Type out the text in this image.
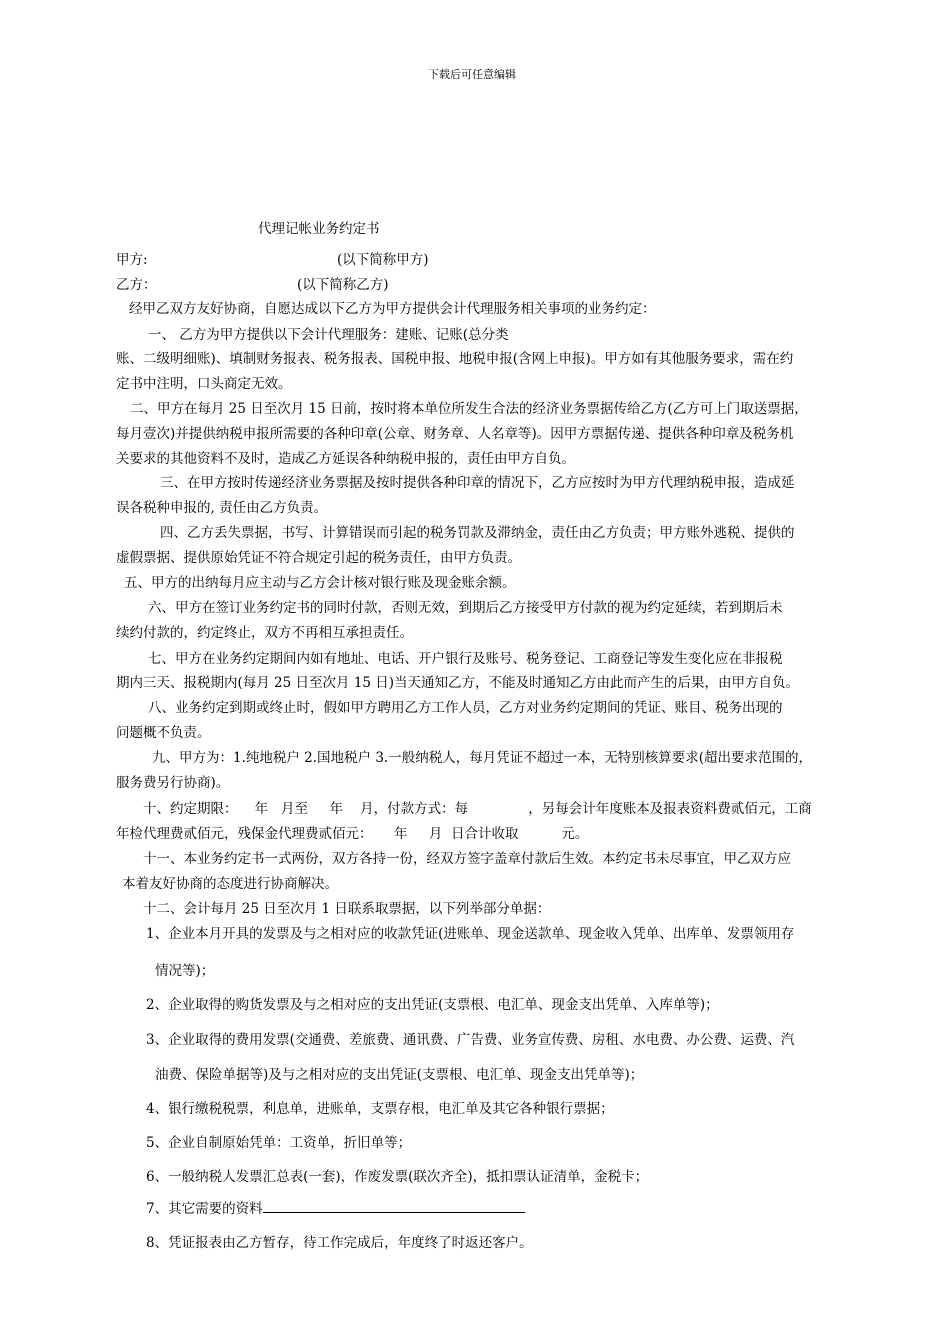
下载后可任意编辑
代理记帐业务约定书
甲方:	(以下简称甲方)
乙方：	(以下简称乙方)
经甲乙双方友好协商，自愿达成以下乙方为甲方提供会计代理服务相关事项的业务约定：
一、 乙方为甲方提供以下会计代理服务：建账、记账(总分类
账、二级明细账)、填制财务报表、税务报表、国税申报、地税申报(含网上申报)。甲方如有其他服务要求，需在约
定书中注明，口头商定无效。
二、甲方在每月 25 日至次月 15 日前，按时将本单位所发生合法的经济业务票据传给乙方(乙方可上门取送票据，
每月壹次)并提供纳税申报所需要的各种印章(公章、财务章、人名章等)。因甲方票据传递、提供各种印章及税务机
关要求的其他资料不及时，造成乙方延误各种纳税申报的，责任由甲方自负。
三、在甲方按时传递经济业务票据及按时提供各种印章的情况下，乙方应按时为甲方代理纳税申报，造成延
误各税种申报的, 责任由乙方负责。
四、乙方丢失票据，书写、计算错误而引起的税务罚款及滞纳金，责任由乙方负责；甲方账外逃税、提供的
虚假票据、提供原始凭证不符合规定引起的税务责任，由甲方负责。
五、甲方的出纳每月应主动与乙方会计核对银行账及现金账余额。
六、甲方在签订业务约定书的同时付款，否则无效，到期后乙方接受甲方付款的视为约定延续，若到期后未
续约付款的，约定终止，双方不再相互承担责任。
七、甲方在业务约定期间内如有地址、电话、开户银行及账号、税务登记、工商登记等发生变化应在非报税
期内三天、报税期内(每月 25 日至次月 15 日)当天通知乙方，不能及时通知乙方由此而产生的后果，由甲方自负。
八、业务约定到期或终止时，假如甲方聘用乙方工作人员，乙方对业务约定期间的凭证、账目、税务出现的
问题概不负责。
九、甲方为：1.纯地税户 2.国地税户 3.一般纳税人，每月凭证不超过一本，无特别核算要求(超出要求范围的，
服务费另行协商)。
十、约定期限：    年   月至     年    月，付款方式：每              ，另每会计年度账本及报表资料费贰佰元，工商
年检代理费贰佰元，残保金代理费贰佰元：     年     月  日合计收取          元。
十一、本业务约定书一式两份，双方各持一份，经双方签字盖章付款后生效。本约定书未尽事宜，甲乙双方应
本着友好协商的态度进行协商解决。
十二、会计每月 25 日至次月 1 日联系取票据，以下列举部分单据：
1、企业本月开具的发票及与之相对应的收款凭证(进账单、现金送款单、现金收入凭单、出库单、发票领用存
情况等)；
2、企业取得的购货发票及与之相对应的支出凭证(支票根、电汇单、现金支出凭单、入库单等)；
3、企业取得的费用发票(交通费、差旅费、通讯费、广告费、业务宣传费、房租、水电费、办公费、运费、汽
油费、保险单据等)及与之相对应的支出凭证(支票根、电汇单、现金支出凭单等)；
4、银行缴税税票，利息单，进账单，支票存根，电汇单及其它各种银行票据；
5、企业自制原始凭单：工资单，折旧单等；
6、一般纳税人发票汇总表(一套)，作废发票(联次齐全)，抵扣票认证清单，金税卡；
7、其它需要的资料
8、凭证报表由乙方暂存，待工作完成后，年度终了时返还客户。
